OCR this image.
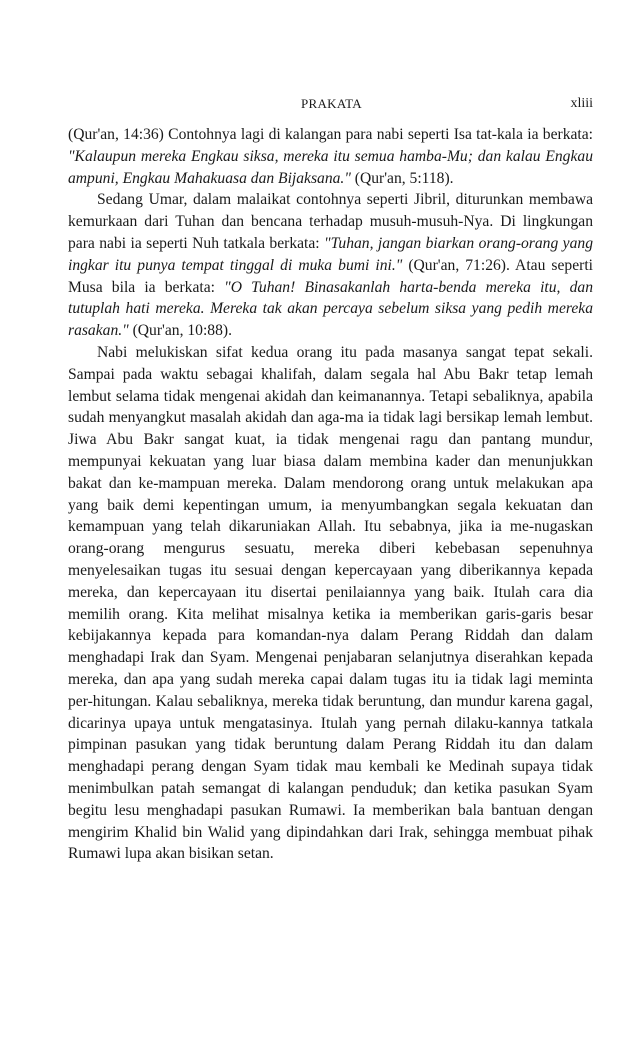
PRAKATA	xliii

(Qur'an, 14:36) Contohnya lagi di kalangan para nabi seperti Isa tat-kala ia berkata: "Kalaupun mereka Engkau siksa, mereka itu semua hamba-Mu; dan kalau Engkau ampuni, Engkau Mahakuasa dan Bijaksana." (Qur'an, 5:118).

Sedang Umar, dalam malaikat contohnya seperti Jibril, diturunkan membawa kemurkaan dari Tuhan dan bencana terhadap musuh-musuh-Nya. Di lingkungan para nabi ia seperti Nuh tatkala berkata: "Tuhan, jangan biarkan orang-orang yang ingkar itu punya tempat tinggal di muka bumi ini." (Qur'an, 71:26). Atau seperti Musa bila ia berkata: "O Tuhan! Binasakanlah harta-benda mereka itu, dan tutuplah hati mereka. Mereka tak akan percaya sebelum siksa yang pedih mereka rasakan." (Qur'an, 10:88).

Nabi melukiskan sifat kedua orang itu pada masanya sangat tepat sekali. Sampai pada waktu sebagai khalifah, dalam segala hal Abu Bakr tetap lemah lembut selama tidak mengenai akidah dan keimanannya. Tetapi sebaliknya, apabila sudah menyangkut masalah akidah dan aga-ma ia tidak lagi bersikap lemah lembut. Jiwa Abu Bakr sangat kuat, ia tidak mengenai ragu dan pantang mundur, mempunyai kekuatan yang luar biasa dalam membina kader dan menunjukkan bakat dan ke-mampuan mereka. Dalam mendorong orang untuk melakukan apa yang baik demi kepentingan umum, ia menyumbangkan segala kekuatan dan kemampuan yang telah dikaruniakan Allah. Itu sebabnya, jika ia me-nugaskan orang-orang mengurus sesuatu, mereka diberi kebebasan sepenuhnya menyelesaikan tugas itu sesuai dengan kepercayaan yang diberikannya kepada mereka, dan kepercayaan itu disertai penilaiannya yang baik. Itulah cara dia memilih orang. Kita melihat misalnya ketika ia memberikan garis-garis besar kebijakannya kepada para komandan-nya dalam Perang Riddah dan dalam menghadapi Irak dan Syam. Mengenai penjabaran selanjutnya diserahkan kepada mereka, dan apa yang sudah mereka capai dalam tugas itu ia tidak lagi meminta per-hitungan. Kalau sebaliknya, mereka tidak beruntung, dan mundur karena gagal, dicarinya upaya untuk mengatasinya. Itulah yang pernah dilaku-kannya tatkala pimpinan pasukan yang tidak beruntung dalam Perang Riddah itu dan dalam menghadapi perang dengan Syam tidak mau kembali ke Medinah supaya tidak menimbulkan patah semangat di kalangan penduduk; dan ketika pasukan Syam begitu lesu menghadapi pasukan Rumawi. Ia memberikan bala bantuan dengan mengirim Khalid bin Walid yang dipindahkan dari Irak, sehingga membuat pihak Rumawi lupa akan bisikan setan.
